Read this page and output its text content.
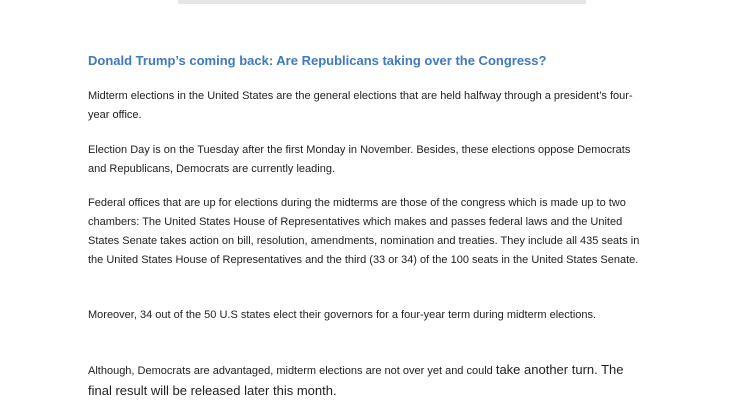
Donald Trump’s coming back: Are Republicans taking over the Congress?
Midterm elections in the United States are the general elections that are held halfway through a president’s four-year office.
Election Day is on the Tuesday after the first Monday in November. Besides, these elections oppose Democrats and Republicans, Democrats are currently leading.
Federal offices that are up for elections during the midterms are those of the congress which is made up to two chambers: The United States House of Representatives which makes and passes federal laws and the United States Senate takes action on bill, resolution, amendments, nomination and treaties. They include all 435 seats in the United States House of Representatives and the third (33 or 34) of the 100 seats in the United States Senate.
Moreover, 34 out of the 50 U.S states elect their governors for a four-year term during midterm elections.
Although, Democrats are advantaged, midterm elections are not over yet and could take another turn. The final result will be released later this month.
